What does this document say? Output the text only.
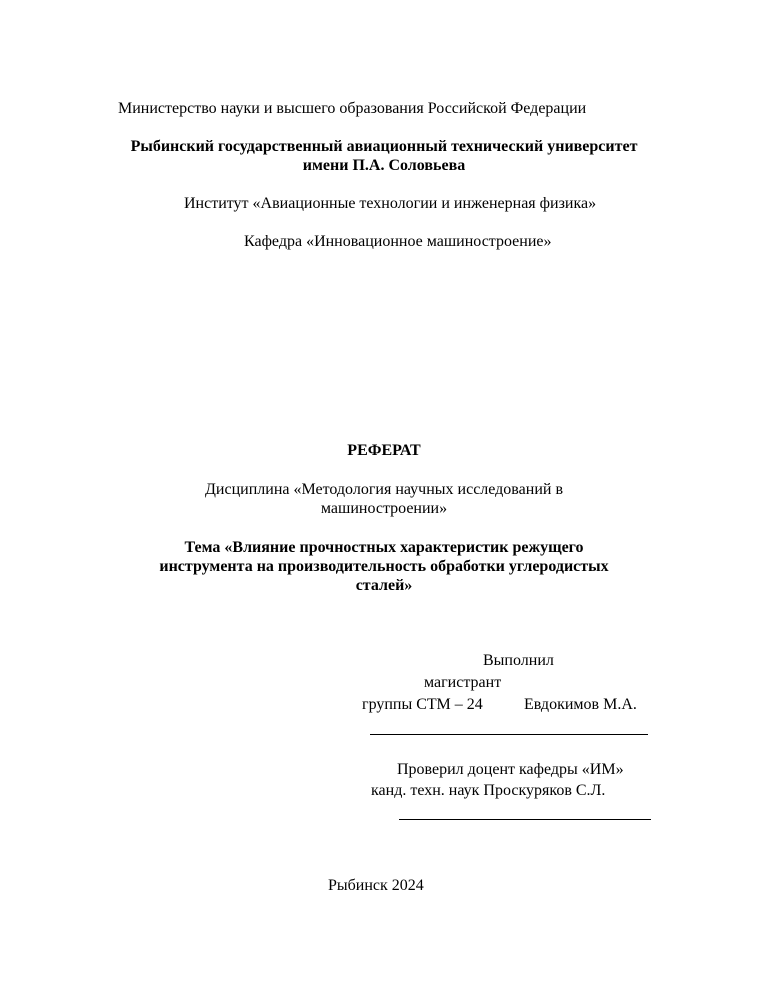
Министерство науки и высшего образования Российской Федерации
Рыбинский государственный авиационный технический университет
имени П.А. Соловьева
Институт «Авиационные технологии и инженерная физика»
Кафедра «Инновационное машиностроение»
РЕФЕРАТ
Дисциплина «Методология научных исследований в
машиностроении»
Тема «Влияние прочностных характеристик режущего
инструмента на производительность обработки углеродистых
сталей»
Выполнил
магистрант
группы СТМ – 24	Евдокимов М.А.
Проверил доцент кафедры «ИМ»
канд. техн. наук Проскуряков С.Л.
Рыбинск 2024
